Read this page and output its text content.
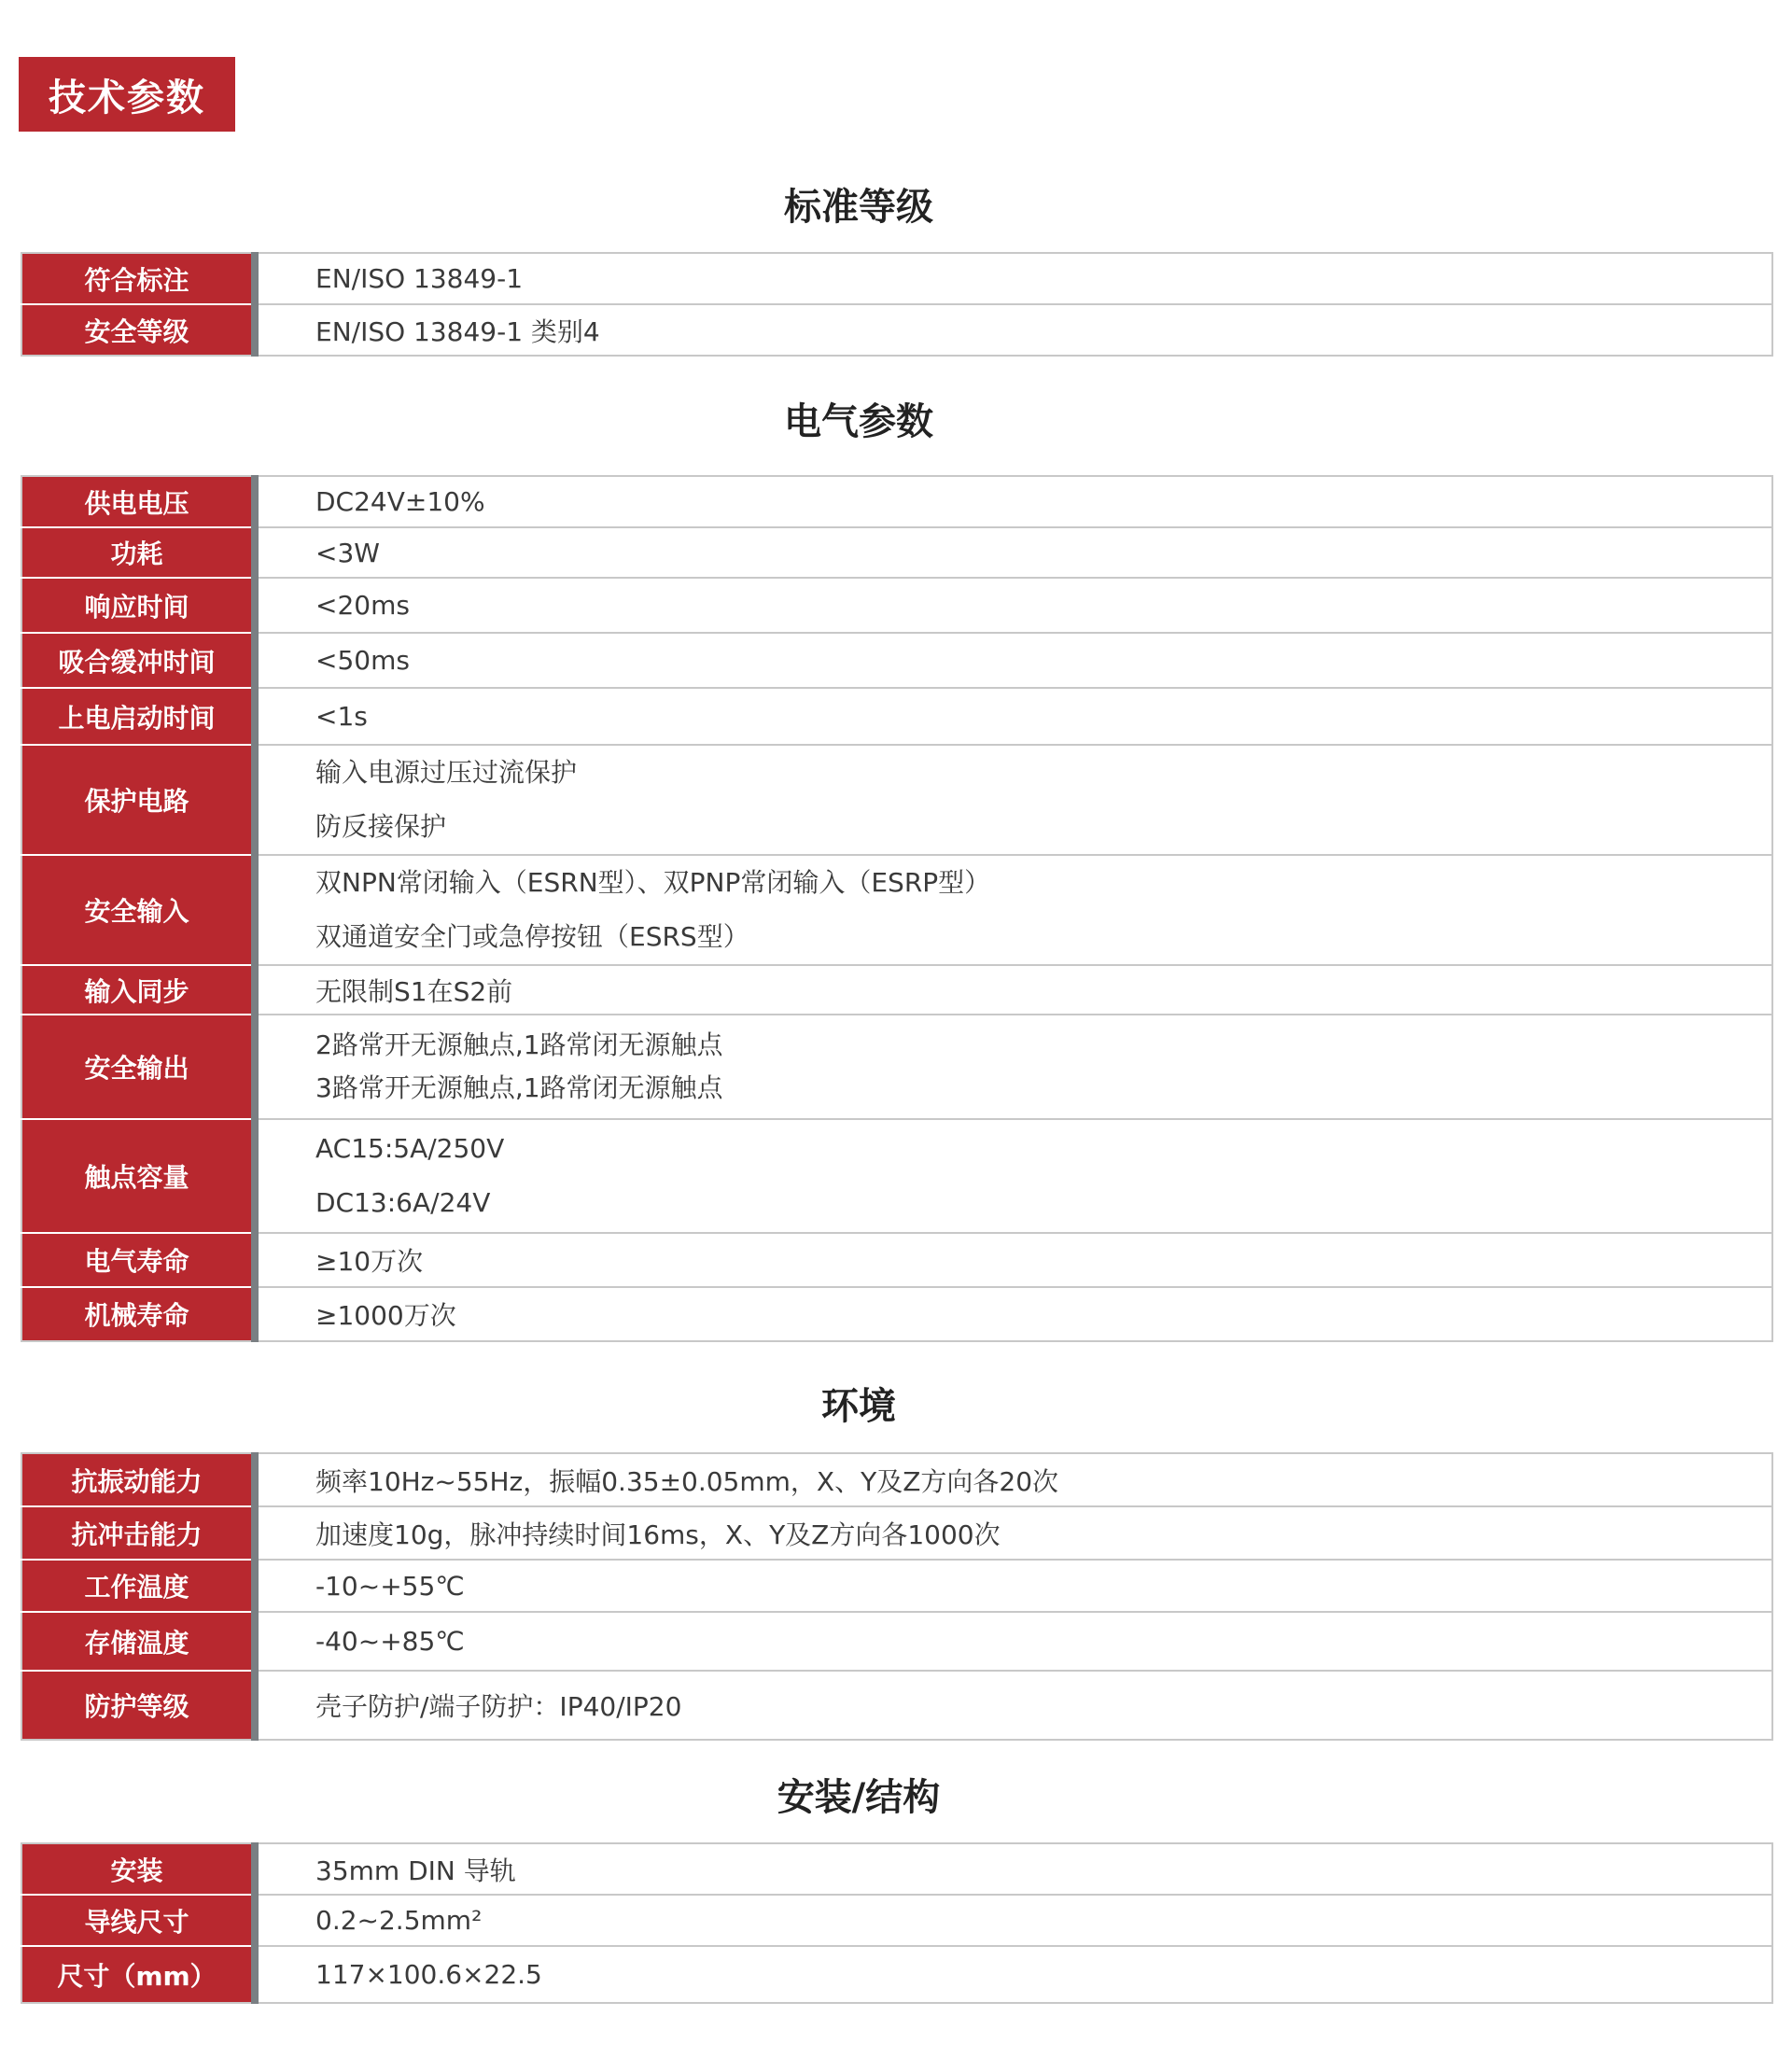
技术参数
标准等级
符合标注	EN/ISO 13849-1

安全等级	EN/ISO 13849-1 类别4
电气参数
供电电压	DC24V±10%

功耗	<3W

响应时间	<20ms

吸合缓冲时间	<50ms

上电启动时间	<1s

保护电路	输入电源过压过流保护
防反接保护

安全输入	双NPN常闭输入（ESRN型）、双PNP常闭输入（ESRP型）
双通道安全门或急停按钮（ESRS型）

输入同步	无限制S1在S2前

安全输出	2路常开无源触点,1路常闭无源触点
3路常开无源触点,1路常闭无源触点

触点容量	AC15:5A/250V
DC13:6A/24V

电气寿命	≥10万次

机械寿命	≥1000万次
环境
抗振动能力	频率10Hz~55Hz，振幅0.35±0.05mm，X、Y及Z方向各20次

抗冲击能力	加速度10g，脉冲持续时间16ms，X、Y及Z方向各1000次

工作温度	-10~+55℃

存储温度	-40~+85℃

防护等级	壳子防护/端子防护：IP40/IP20
安装/结构
安装	35mm DIN 导轨

导线尺寸	0.2~2.5mm²

尺寸（mm）	117×100.6×22.5
